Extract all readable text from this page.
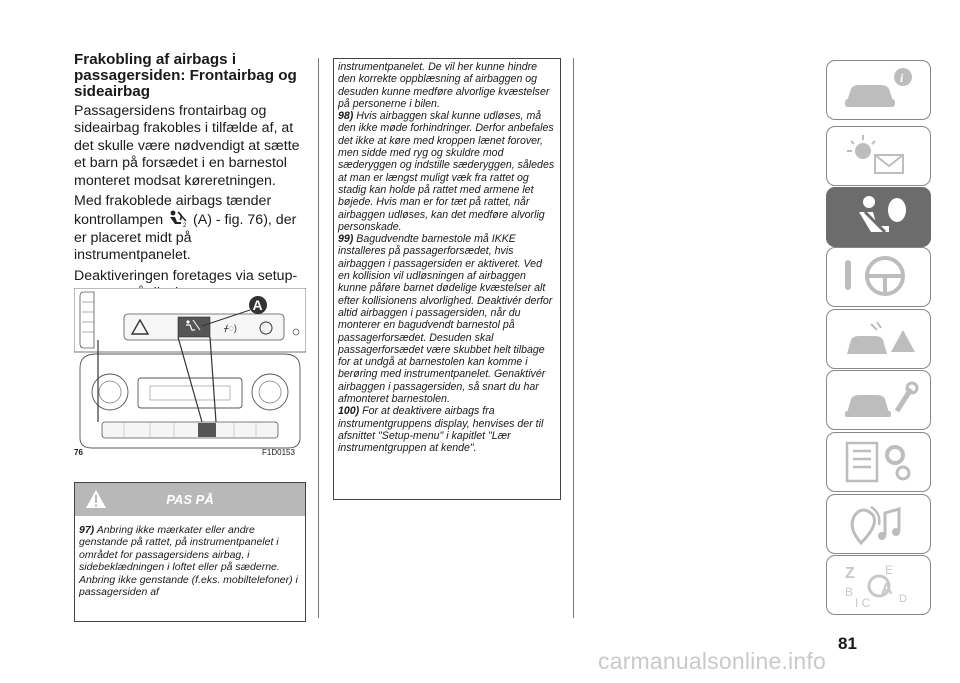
Frakobling af airbags i passagersiden: Frontairbag og sideairbag

Passagersidens frontairbag og sideairbag frakobles i tilfælde af, at det skulle være nødvendigt at sætte et barn på forsædet i en barnestol monteret modsat køreretningen.

Med frakoblede airbags tænder kontrollampen	2 (A) - fig. 76), der er placeret midt på instrumentpanelet.

Deaktiveringen foretages via setup-

ᚋ◌)
A
76	F1D0153
PAS PÅ
97) Anbring ikke mærkater eller andre genstande på rattet, på instrumentpanelet i området for passagersidens airbag, i sidebeklædningen i loftet eller på sæderne. Anbring ikke genstande (f.eks. mobiltelefoner) i passagersiden af

instrumentpanelet. De vil her kunne hindre den korrekte oppblæsning af airbaggen og desuden kunne medføre alvorlige kvæstelser på personerne i bilen.

98) Hvis airbaggen skal kunne udløses, må den ikke møde forhindringer. Derfor anbefales det ikke at køre med kroppen lænet forover, men sidde med ryg og skuldre mod sæderyggen og indstille sæderyggen, således at man er længst muligt væk fra rattet og stadig kan holde på rattet med armene let bøjede. Hvis man er for tæt på rattet, når airbaggen udløses, kan det medføre alvorlig personskade.

99) Bagudvendte barnestole må IKKE installeres på passagerforsædet, hvis airbaggen i passagersiden er aktiveret. Ved en kollision vil udløsningen af airbaggen kunne påføre barnet dødelige kvæstelser alt efter kollisionens alvorlighed. Deaktivér derfor altid airbaggen i passagersiden, når du monterer en bagudvendt barnestol på passagerforsædet. Desuden skal passagerforsædet være skubbet helt tilbage for at undgå at barnestolen kan komme i berøring med instrumentpanelet. Genaktivér airbaggen i passagersiden, så snart du har afmonteret barnestolen.

100) For at deaktivere airbags fra instrumentgruppens display, henvises der til afsnittet "Setup-menu" i kapitlet "Lær instrumentgruppen at kende".

i
Z	E
B A
I C	D
81
carmanualsonline.info
